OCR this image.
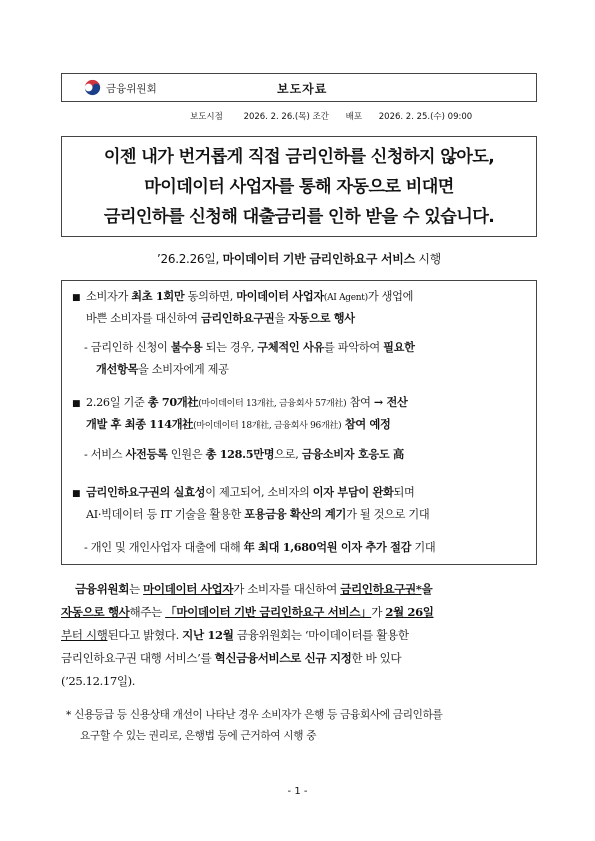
금융위원회	보도자료
보도시점 2026. 2. 26.(목) 조간 배포 2026. 2. 25.(수) 09:00
이젠 내가 번거롭게 직접 금리인하를 신청하지 않아도,
마이데이터 사업자를 통해 자동으로 비대면
금리인하를 신청해 대출금리를 인하 받을 수 있습니다.
’26.2.26일, 마이데이터 기반 금리인하요구 서비스 시행
■ 소비자가 최초 1회만 동의하면, 마이데이터 사업자(AI Agent)가 생업에
바쁜 소비자를 대신하여 금리인하요구권을 자동으로 행사
- 금리인하 신청이 불수용 되는 경우, 구체적인 사유를 파악하여 필요한
개선항목을 소비자에게 제공
■ 2.26일 기준 총 70개社(마이데이터 13개社, 금융회사 57개社) 참여 → 전산
개발 후 최종 114개社(마이데이터 18개社, 금융회사 96개社) 참여 예정
- 서비스 사전등록 인원은 총 128.5만명으로, 금융소비자 호응도 高
■ 금리인하요구권의 실효성이 제고되어, 소비자의 이자 부담이 완화되며
AI·빅데이터 등 IT 기술을 활용한 포용금융 확산의 계기가 될 것으로 기대
- 개인 및 개인사업자 대출에 대해 年 최대 1,680억원 이자 추가 절감 기대
금융위원회는 마이데이터 사업자가 소비자를 대신하여 금리인하요구권*을
자동으로 행사해주는 「마이데이터 기반 금리인하요구 서비스」가 2월 26일
부터 시행된다고 밝혔다. 지난 12월 금융위원회는 ‘마이데이터를 활용한
금리인하요구권 대행 서비스’를 혁신금융서비스로 신규 지정한 바 있다
(’25.12.17일).
* 신용등급 등 신용상태 개선이 나타난 경우 소비자가 은행 등 금융회사에 금리인하를
요구할 수 있는 권리로, 은행법 등에 근거하여 시행 중
- 1 -
